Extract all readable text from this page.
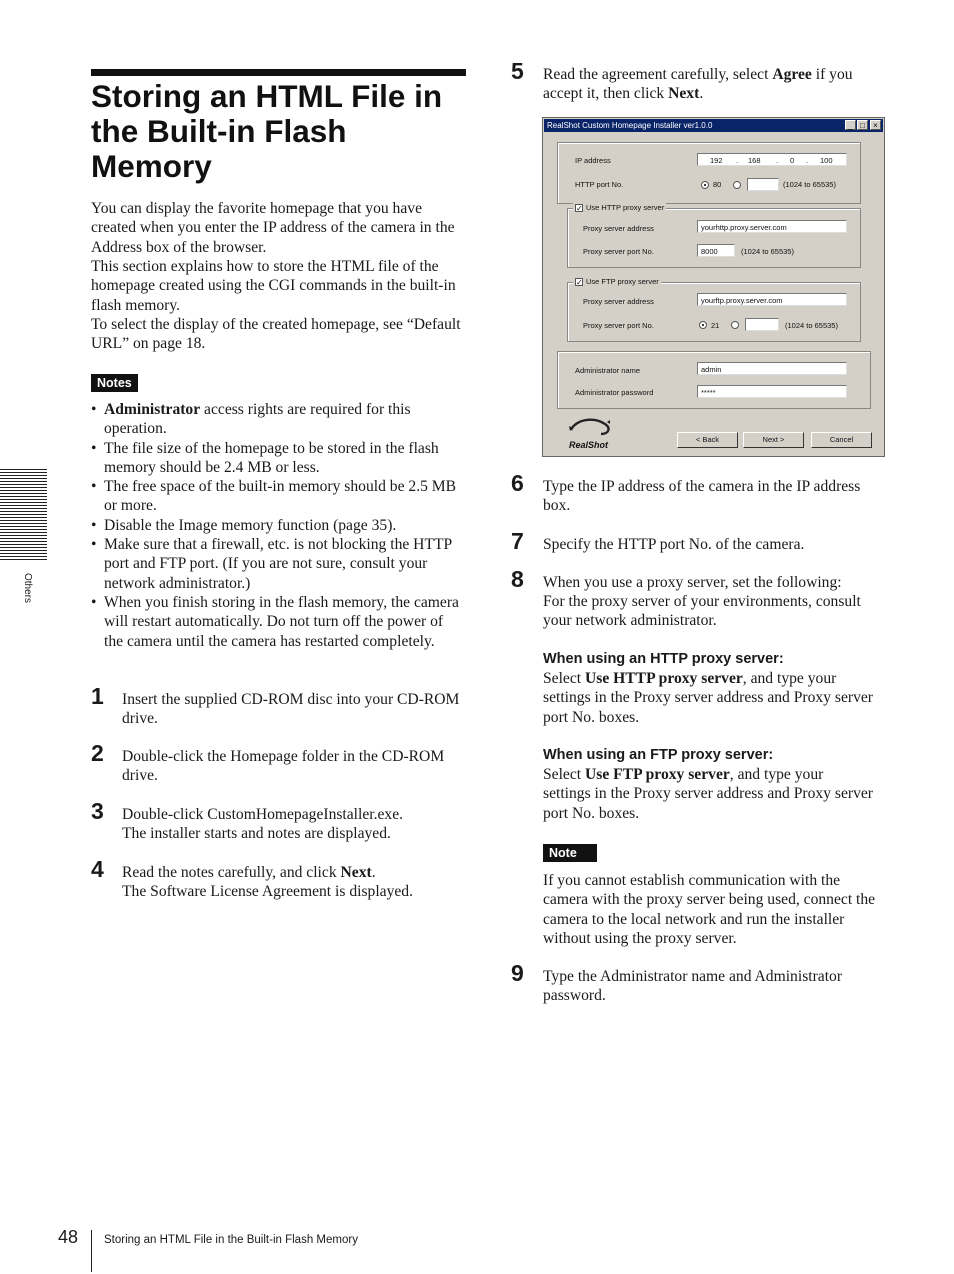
Storing an HTML File in the Built-in Flash Memory

You can display the favorite homepage that you have created when you enter the IP address of the camera in the Address box of the browser.

This section explains how to store the HTML file of the homepage created using the CGI commands in the built-in flash memory.

To select the display of the created homepage, see “Default URL” on page 18.

Notes
• Administrator access rights are required for this operation.
• The file size of the homepage to be stored in the flash memory should be 2.4 MB or less.
• The free space of the built-in memory should be 2.5 MB or more.
• Disable the Image memory function (page 35).
• Make sure that a firewall, etc. is not blocking the HTTP port and FTP port. (If you are not sure, consult your network administrator.)
• When you finish storing in the flash memory, the camera will restart automatically. Do not turn off the power of the camera until the camera has restarted completely.
1 Insert the supplied CD-ROM disc into your CD-ROM drive.

2 Double-click the Homepage folder in the CD-ROM drive.

3 Double-click CustomHomepageInstaller.exe.

The installer starts and notes are displayed.

4 Read the notes carefully, and click Next.

The Software License Agreement is displayed.

Others
5 Read the agreement carefully, select Agree if you accept it, then click Next.

RealShot Custom Homepage Installer ver1.0.0	_ □	×
IP address	192 . 168 . 0 . 100
HTTP port No.	80	(1024 to 65535)
✓ Use HTTP proxy server
Proxy server address	yourhttp.proxy.server.com
Proxy server port No.	8000	(1024 to 65535)
✓ Use FTP proxy server
Proxy server address	yourftp.proxy.server.com
Proxy server port No.	21	(1024 to 65535)
Administrator name	admin
Administrator password	*****
RealShot
< Back	Next >	Cancel
6 Type the IP address of the camera in the IP address box.

7 Specify the HTTP port No. of the camera.

8 When you use a proxy server, set the following:

For the proxy server of your environments, consult your network administrator.

When using an HTTP proxy server:

Select Use HTTP proxy server, and type your settings in the Proxy server address and Proxy server port No. boxes.

When using an FTP proxy server:

Select Use FTP proxy server, and type your settings in the Proxy server address and Proxy server port No. boxes.

Note

If you cannot establish communication with the camera with the proxy server being used, connect the camera to the local network and run the installer without using the proxy server.

9 Type the Administrator name and Administrator password.

48 Storing an HTML File in the Built-in Flash Memory
